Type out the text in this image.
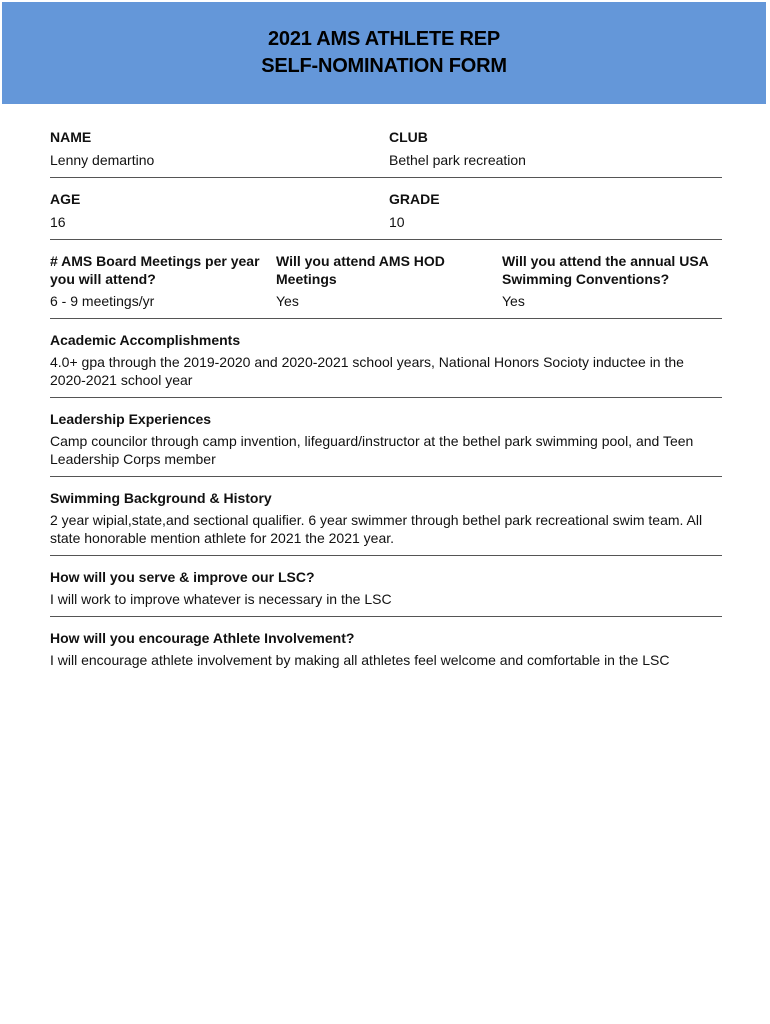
2021 AMS ATHLETE REP
SELF-NOMINATION FORM
NAME
Lenny demartino
CLUB
Bethel park recreation
AGE
16
GRADE
10
# AMS Board Meetings per year you will attend?
6 - 9 meetings/yr
Will you attend AMS HOD Meetings
Yes
Will you attend the annual USA Swimming Conventions?
Yes
Academic Accomplishments
4.0+ gpa through the 2019-2020 and 2020-2021 school years, National Honors Socioty inductee in the 2020-2021 school year
Leadership Experiences
Camp councilor through camp invention, lifeguard/instructor at the bethel park swimming pool, and Teen Leadership Corps member
Swimming Background & History
2 year wipial,state,and sectional qualifier. 6 year swimmer through bethel park recreational swim team. All state honorable mention athlete for 2021 the 2021 year.
How will you serve & improve our LSC?
I will work to improve whatever is necessary in the LSC
How will you encourage Athlete Involvement?
I will encourage athlete involvement by making all athletes feel welcome and comfortable in the LSC
